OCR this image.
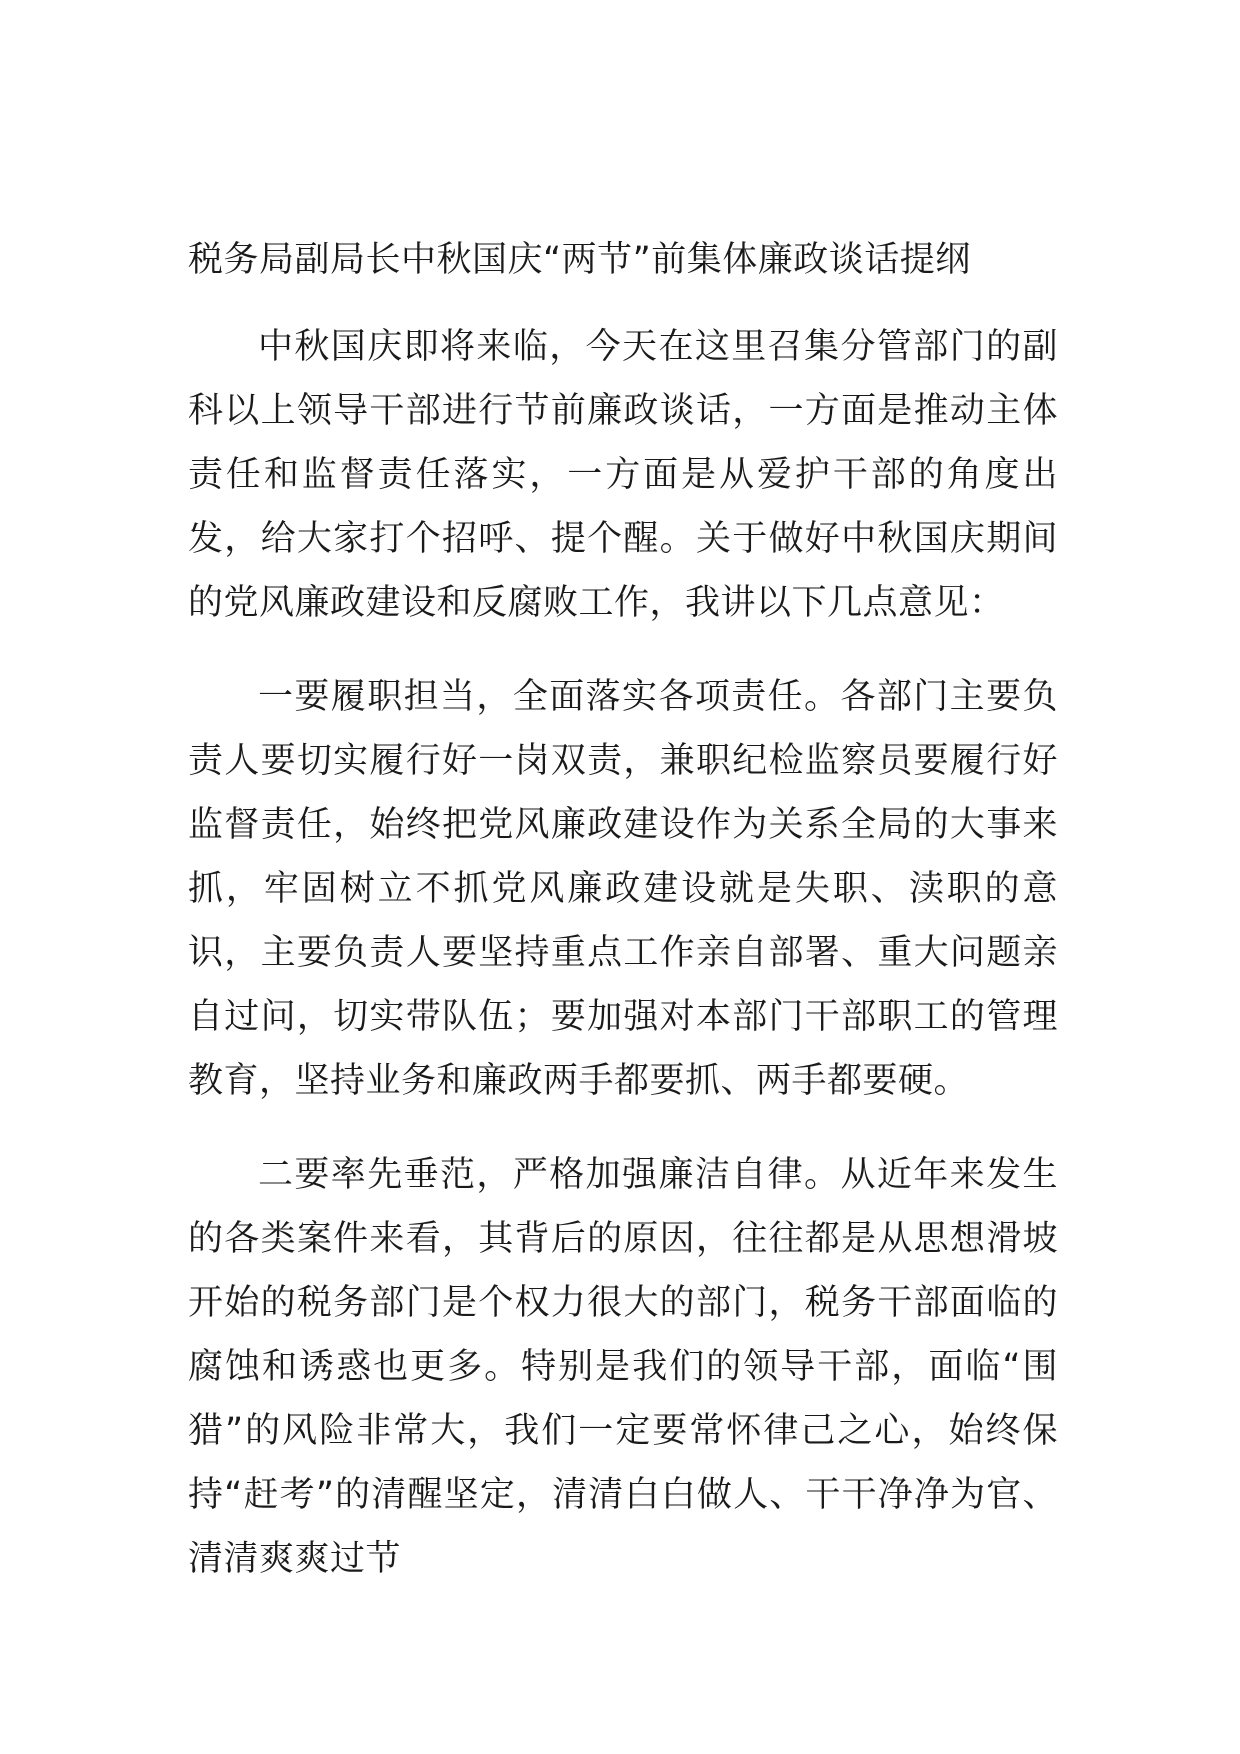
税务局副局长中秋国庆“两节”前集体廉政谈话提纲

中秋国庆即将来临，今天在这里召集分管部门的副科以上领导干部进行节前廉政谈话，一方面是推动主体责任和监督责任落实，一方面是从爱护干部的角度出发，给大家打个招呼、提个醒。关于做好中秋国庆期间的党风廉政建设和反腐败工作，我讲以下几点意见：

一要履职担当，全面落实各项责任。各部门主要负责人要切实履行好一岗双责，兼职纪检监察员要履行好监督责任，始终把党风廉政建设作为关系全局的大事来抓，牢固树立不抓党风廉政建设就是失职、渎职的意识，主要负责人要坚持重点工作亲自部署、重大问题亲自过问，切实带队伍；要加强对本部门干部职工的管理教育，坚持业务和廉政两手都要抓、两手都要硬。

二要率先垂范，严格加强廉洁自律。从近年来发生的各类案件来看，其背后的原因，往往都是从思想滑坡开始的税务部门是个权力很大的部门，税务干部面临的腐蚀和诱惑也更多。特别是我们的领导干部，面临“围猎”的风险非常大，我们一定要常怀律己之心，始终保持“赶考”的清醒坚定，清清白白做人、干干净净为官、清清爽爽过节
